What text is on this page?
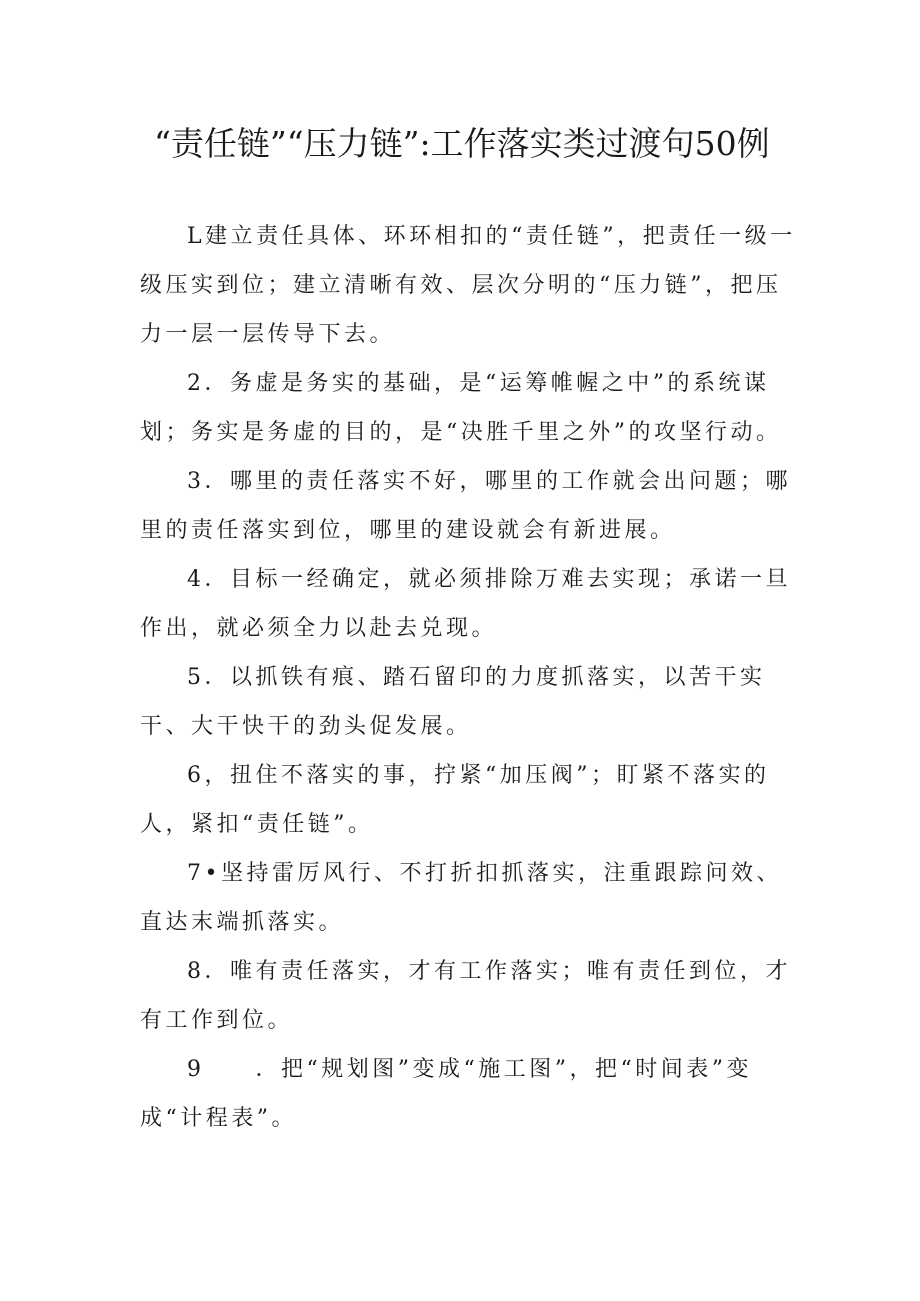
“责任链”“压力链”:工作落实类过渡句50例

L建立责任具体、环环相扣的“责任链”，把责任一级一级压实到位；建立清晰有效、层次分明的“压力链”，把压力一层一层传导下去。

2．务虚是务实的基础，是“运筹帷幄之中”的系统谋划；务实是务虚的目的，是“决胜千里之外”的攻坚行动。

3．哪里的责任落实不好，哪里的工作就会出问题；哪里的责任落实到位，哪里的建设就会有新进展。

4．目标一经确定，就必须排除万难去实现；承诺一旦作出，就必须全力以赴去兑现。

5．以抓铁有痕、踏石留印的力度抓落实，以苦干实干、大干快干的劲头促发展。

6，扭住不落实的事，拧紧“加压阀”；盯紧不落实的人，紧扣“责任链”。

7•坚持雷厉风行、不打折扣抓落实，注重跟踪问效、直达末端抓落实。

8．唯有责任落实，才有工作落实；唯有责任到位，才有工作到位。

9　　．把“规划图”变成“施工图”，把“时间表”变成“计程表”。
